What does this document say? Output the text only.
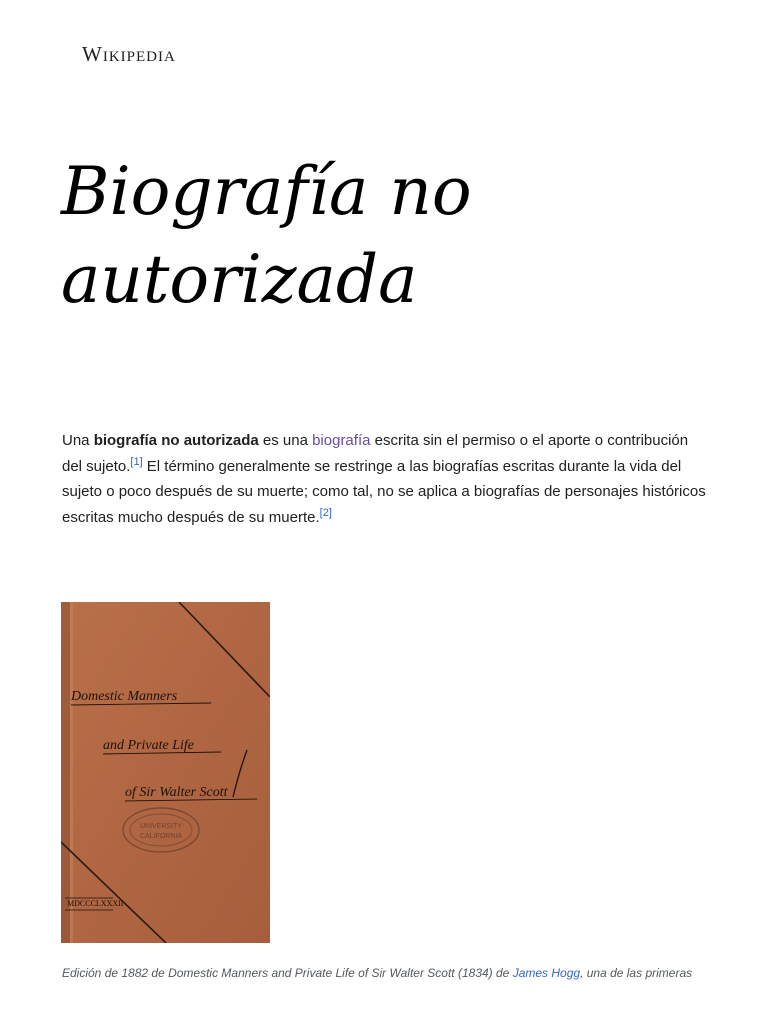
Wikipedia
Biografía no autorizada

Una biografía no autorizada es una biografía escrita sin el permiso o el aporte o contribución del sujeto.[1] El término generalmente se restringe a las biografías escritas durante la vida del sujeto o poco después de su muerte; como tal, no se aplica a biografías de personajes históricos escritas mucho después de su muerte.[2]

Domestic Manners
and Private Life
of Sir Walter Scott
UNIVERSITY
CALIFORNIA
MDCCCLXXXII
Edición de 1882 de Domestic Manners and Private Life of Sir Walter Scott (1834) de James Hogg, una de las primeras
